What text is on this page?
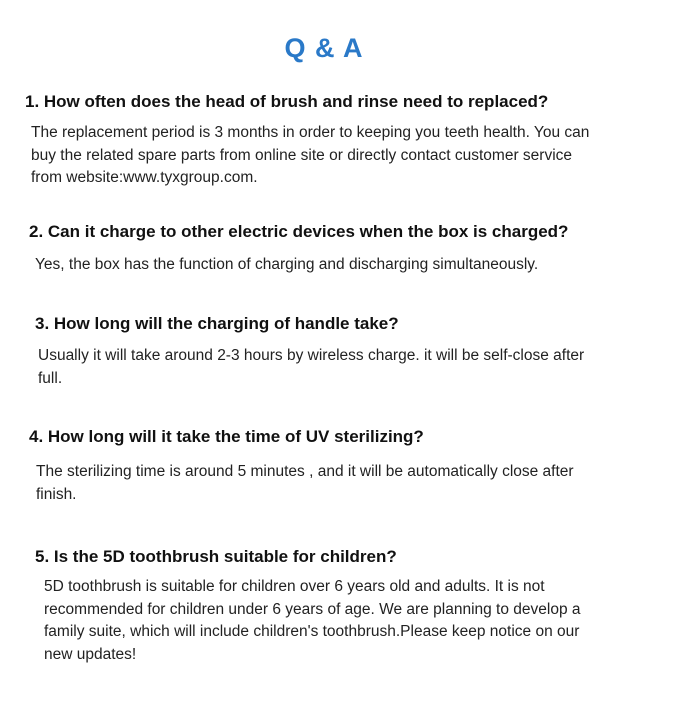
Q & A
1. How often does the head of brush and rinse need to replaced?
The replacement period is 3 months in order to keeping you teeth health. You can
buy the related spare parts from online site or directly contact customer service
from website:www.tyxgroup.com.
2. Can it charge to other electric devices when the box is charged?
Yes, the box has the function of charging and discharging simultaneously.
3. How long will the charging of handle take?
Usually it will take around 2-3 hours by wireless charge. it will be self-close after
full.
4. How long will it take the time of UV sterilizing?
The sterilizing time is around 5 minutes , and it will be automatically close after
finish.
5. Is the 5D toothbrush suitable for children?
5D toothbrush is suitable for children over 6 years old and adults. It is not
recommended for children under 6 years of age. We are planning to develop a
family suite, which will include children's toothbrush.Please keep notice on our
new updates!
